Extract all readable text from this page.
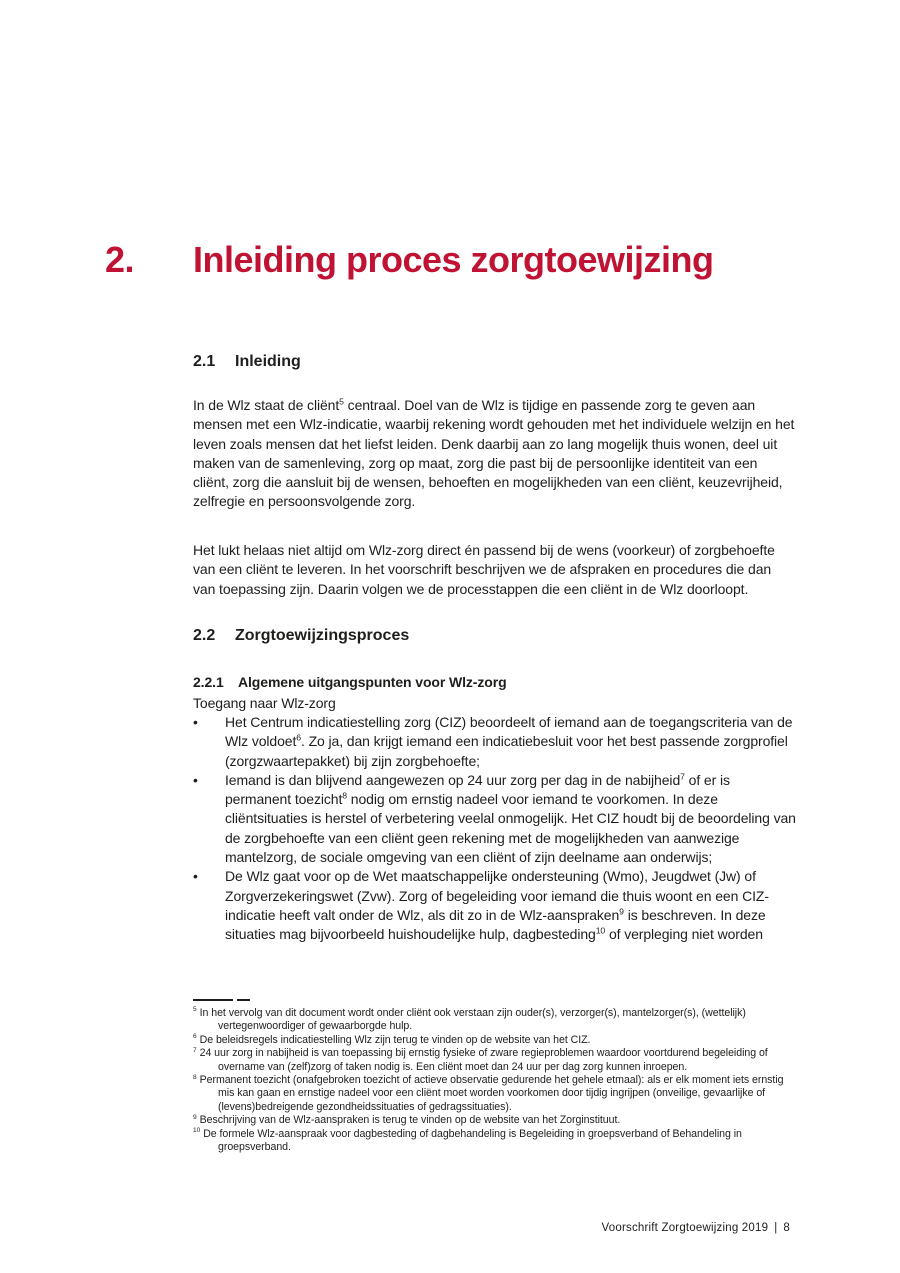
2.	Inleiding proces zorgtoewijzing
2.1	Inleiding

In de Wlz staat de cliënt$^5$ centraal. Doel van de Wlz is tijdige en passende zorg te geven aan mensen met een Wlz-indicatie, waarbij rekening wordt gehouden met het individuele welzijn en het leven zoals mensen dat het liefst leiden. Denk daarbij aan zo lang mogelijk thuis wonen, deel uit maken van de samenleving, zorg op maat, zorg die past bij de persoonlijke identiteit van een cliënt, zorg die aansluit bij de wensen, behoeften en mogelijkheden van een cliënt, keuzevrijheid, zelfregie en persoonsvolgende zorg.

Het lukt helaas niet altijd om Wlz-zorg direct én passend bij de wens (voorkeur) of zorgbehoefte van een cliënt te leveren. In het voorschrift beschrijven we de afspraken en procedures die dan van toepassing zijn. Daarin volgen we de processtappen die een cliënt in de Wlz doorloopt.

2.2	Zorgtoewijzingsproces
2.2.1	Algemene uitgangspunten voor Wlz-zorg
Toegang naar Wlz-zorg
•	Het Centrum indicatiestelling zorg (CIZ) beoordeelt of iemand aan de toegangscriteria van de Wlz voldoet$^6$. Zo ja, dan krijgt iemand een indicatiebesluit voor het best passende zorgprofiel (zorgzwaartepakket) bij zijn zorgbehoefte;
•	Iemand is dan blijvend aangewezen op 24 uur zorg per dag in de nabijheid$^7$ of er is permanent toezicht$^8$ nodig om ernstig nadeel voor iemand te voorkomen. In deze cliëntsituaties is herstel of verbetering veelal onmogelijk. Het CIZ houdt bij de beoordeling van de zorgbehoefte van een cliënt geen rekening met de mogelijkheden van aanwezige mantelzorg, de sociale omgeving van een cliënt of zijn deelname aan onderwijs;
•	De Wlz gaat voor op de Wet maatschappelijke ondersteuning (Wmo), Jeugdwet (Jw) of Zorgverzekeringswet (Zvw). Zorg of begeleiding voor iemand die thuis woont en een CIZ-indicatie heeft valt onder de Wlz, als dit zo in de Wlz-aanspraken$^9$ is beschreven. In deze situaties mag bijvoorbeeld huishoudelijke hulp, dagbesteding$^{10}$ of verpleging niet worden
$^5$ In het vervolg van dit document wordt onder cliënt ook verstaan zijn ouder(s), verzorger(s), mantelzorger(s), (wettelijk) vertegenwoordiger of gewaarborgde hulp.
$^6$ De beleidsregels indicatiestelling Wlz zijn terug te vinden op de website van het CIZ.
$^7$ 24 uur zorg in nabijheid is van toepassing bij ernstig fysieke of zware regieproblemen waardoor voortdurend begeleiding of overname van (zelf)zorg of taken nodig is. Een cliënt moet dan 24 uur per dag zorg kunnen inroepen.
$^8$ Permanent toezicht (onafgebroken toezicht of actieve observatie gedurende het gehele etmaal): als er elk moment iets ernstig mis kan gaan en ernstige nadeel voor een cliënt moet worden voorkomen door tijdig ingrijpen (onveilige, gevaarlijke of (levens)bedreigende gezondheidssituaties of gedragssituaties).
$^9$ Beschrijving van de Wlz-aanspraken is terug te vinden op de website van het Zorginstituut.
$^{10}$ De formele Wlz-aanspraak voor dagbesteding of dagbehandeling is Begeleiding in groepsverband of Behandeling in groepsverband.
Voorschrift Zorgtoewijzing 2019 | 8
